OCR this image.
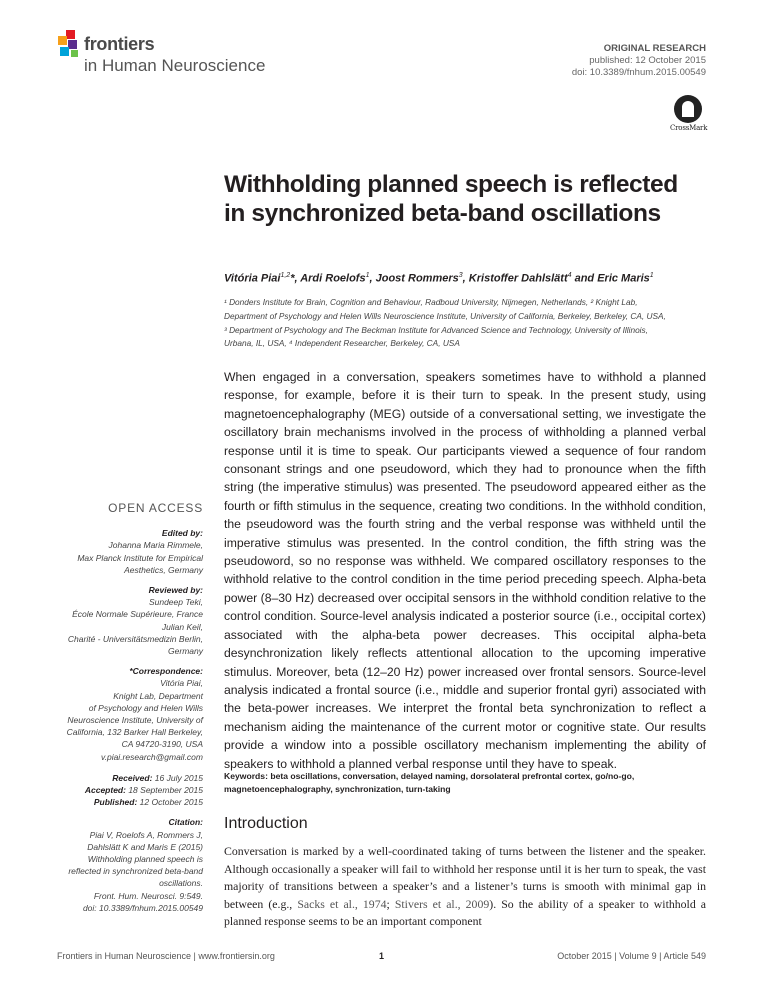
frontiers
in Human Neuroscience
ORIGINAL RESEARCH
published: 12 October 2015
doi: 10.3389/fnhum.2015.00549
CrossMark
Withholding planned speech is reflected in synchronized beta-band oscillations
Vitória Piai$^{1,2}$*, Ardi Roelofs$^1$, Joost Rommers$^3$, Kristoffer Dahlslätt$^4$ and Eric Maris$^1$
¹ Donders Institute for Brain, Cognition and Behaviour, Radboud University, Nijmegen, Netherlands, ² Knight Lab,
Department of Psychology and Helen Wills Neuroscience Institute, University of California, Berkeley, Berkeley, CA, USA,
³ Department of Psychology and The Beckman Institute for Advanced Science and Technology, University of Illinois,
Urbana, IL, USA, ⁴ Independent Researcher, Berkeley, CA, USA
When engaged in a conversation, speakers sometimes have to withhold a planned response, for example, before it is their turn to speak. In the present study, using magnetoencephalography (MEG) outside of a conversational setting, we investigate the oscillatory brain mechanisms involved in the process of withholding a planned verbal response until it is time to speak. Our participants viewed a sequence of four random consonant strings and one pseudoword, which they had to pronounce when the fifth string (the imperative stimulus) was presented. The pseudoword appeared either as the fourth or fifth stimulus in the sequence, creating two conditions. In the withhold condition, the pseudoword was the fourth string and the verbal response was withheld until the imperative stimulus was presented. In the control condition, the fifth string was the pseudoword, so no response was withheld. We compared oscillatory responses to the withhold relative to the control condition in the time period preceding speech. Alpha-beta power (8–30 Hz) decreased over occipital sensors in the withhold condition relative to the control condition. Source-level analysis indicated a posterior source (i.e., occipital cortex) associated with the alpha-beta power decreases. This occipital alpha-beta desynchronization likely reflects attentional allocation to the upcoming imperative stimulus. Moreover, beta (12–20 Hz) power increased over frontal sensors. Source-level analysis indicated a frontal source (i.e., middle and superior frontal gyri) associated with the beta-power increases. We interpret the frontal beta synchronization to reflect a mechanism aiding the maintenance of the current motor or cognitive state. Our results provide a window into a possible oscillatory mechanism implementing the ability of speakers to withhold a planned verbal response until they have to speak.
Keywords: beta oscillations, conversation, delayed naming, dorsolateral prefrontal cortex, go/no-go, magnetoencephalography, synchronization, turn-taking
OPEN ACCESS
Edited by:
Johanna Maria Rimmele,
Max Planck Institute for Empirical
Aesthetics, Germany
Reviewed by:
Sundeep Teki,
École Normale Supérieure, France
Julian Keil,
Charité - Universitätsmedizin Berlin,
Germany
*Correspondence:
Vitória Piai,
Knight Lab, Department
of Psychology and Helen Wills
Neuroscience Institute, University of
California, 132 Barker Hall Berkeley,
CA 94720-3190, USA
v.piai.research@gmail.com
Received: 16 July 2015
Accepted: 18 September 2015
Published: 12 October 2015
Citation:
Piai V, Roelofs A, Rommers J,
Dahlslätt K and Maris E (2015)
Withholding planned speech is
reflected in synchronized beta-band
oscillations.
Front. Hum. Neurosci. 9:549.
doi: 10.3389/fnhum.2015.00549
Introduction
Conversation is marked by a well-coordinated taking of turns between the listener and the speaker. Although occasionally a speaker will fail to withhold her response until it is her turn to speak, the vast majority of transitions between a speaker’s and a listener’s turns is smooth with minimal gap in between (e.g., Sacks et al., 1974; Stivers et al., 2009). So the ability of a speaker to withhold a planned response seems to be an important component
Frontiers in Human Neuroscience | www.frontiersin.org	1	October 2015 | Volume 9 | Article 549
